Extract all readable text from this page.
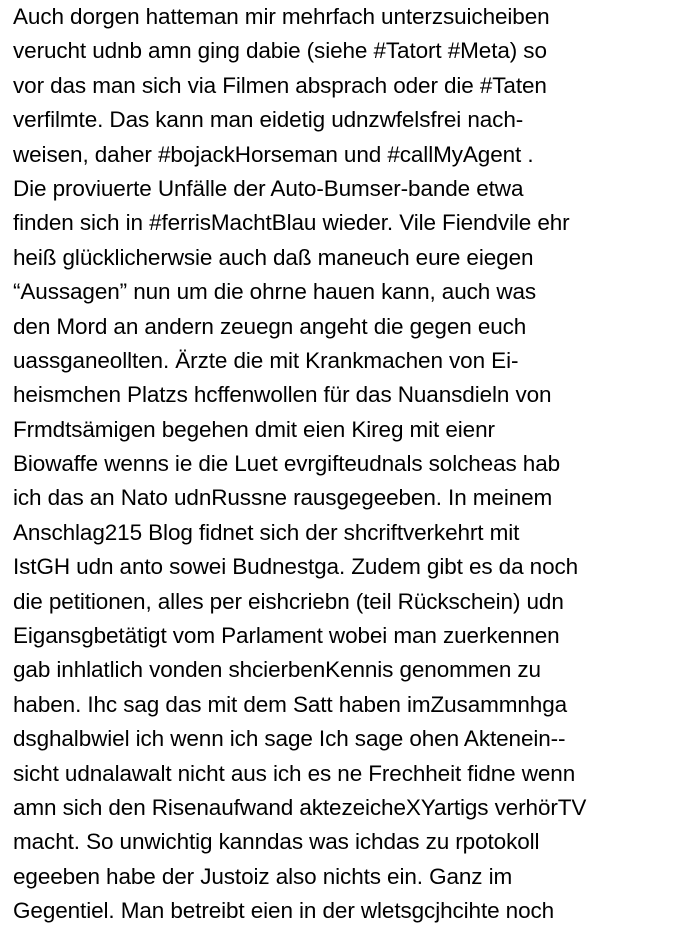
Auch dorgen hatteman mir mehrfach unterzsuicheiben
verucht udnb amn ging dabie (siehe #Tatort #Meta) so
vor das man sich via Filmen absprach oder die #Taten
verfilmte. Das kann man eidetig udnzwfelsfrei nach-
weisen, daher #bojackHorseman und #callMyAgent .
Die proviuerte Unfälle der Auto-Bumser-bande etwa
finden sich in #ferrisMachtBlau wieder. Vile Fiendvile ehr
heiß glücklicherwsie auch daß maneuch eure eiegen
“Aussagen” nun um die ohrne hauen kann, auch was
den Mord an andern zeuegn angeht die gegen euch
uassganeollten. Ärzte die mit Krankmachen von Ei-
heismchen Platzs hcffenwollen für das Nuansdieln von
Frmdtsämigen begehen dmit eien Kireg mit eienr
Biowaffe wenns ie die Luet evrgifteudnals solcheas hab
ich das an Nato udnRussne rausgegeeben. In meinem
Anschlag215 Blog fidnet sich der shcriftverkehrt mit
IstGH udn anto sowei Budnestga. Zudem gibt es da noch
die petitionen, alles per eishcriebn (teil Rückschein) udn
Eigansgbetätigt vom Parlament wobei man zuerkennen
gab inhlatlich vonden shcierbenKennis genommen zu
haben. Ihc sag das mit dem Satt haben imZusammnhga
dsghalbwiel ich wenn ich sage Ich sage ohen Aktenein--
sicht udnalawalt nicht aus ich es ne Frechheit fidne wenn
amn sich den Risenaufwand aktezeicheXYartigs verhörTV
macht. So unwichtig kanndas was ichdas zu rpotokoll
egeeben habe der Justoiz also nichts ein. Ganz im
Gegentiel. Man betreibt eien in der wletsgcjhcihte noch
